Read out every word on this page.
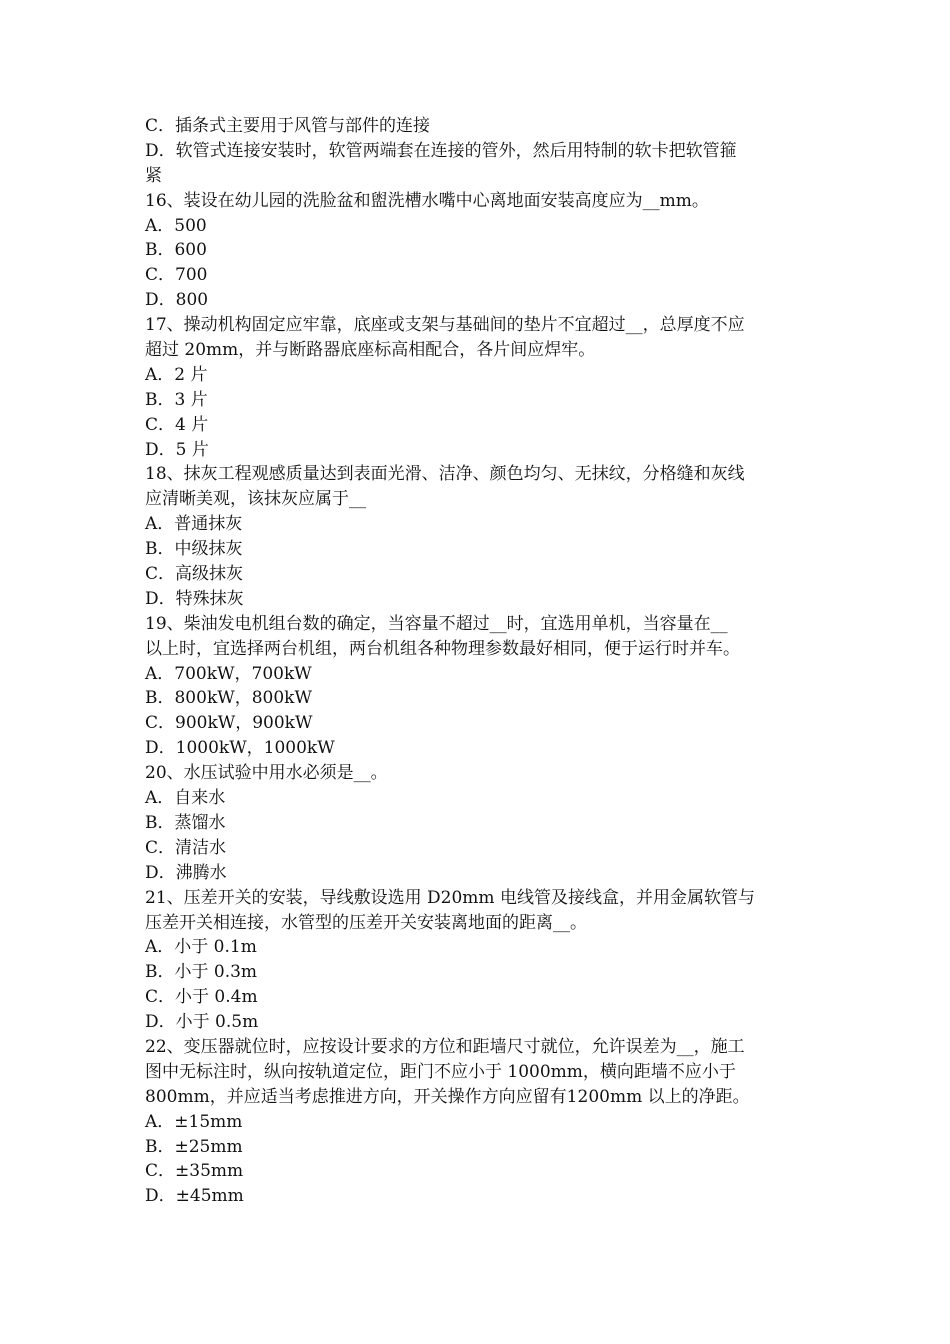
C．插条式主要用于风管与部件的连接
D．软管式连接安装时，软管两端套在连接的管外，然后用特制的软卡把软管箍
紧
16、装设在幼儿园的洗脸盆和盥洗槽水嘴中心离地面安装高度应为__mm。
A．500
B．600
C．700
D．800
17、操动机构固定应牢靠，底座或支架与基础间的垫片不宜超过__，总厚度不应
超过 20mm，并与断路器底座标高相配合，各片间应焊牢。
A．2 片
B．3 片
C．4 片
D．5 片
18、抹灰工程观感质量达到表面光滑、洁净、颜色均匀、无抹纹，分格缝和灰线
应清晰美观，该抹灰应属于__
A．普通抹灰
B．中级抹灰
C．高级抹灰
D．特殊抹灰
19、柴油发电机组台数的确定，当容量不超过__时，宜选用单机，当容量在__
以上时，宜选择两台机组，两台机组各种物理参数最好相同，便于运行时并车。
A．700kW，700kW
B．800kW，800kW
C．900kW，900kW
D．1000kW，1000kW
20、水压试验中用水必须是__。
A．自来水
B．蒸馏水
C．清洁水
D．沸腾水
21、压差开关的安装，导线敷设选用 D20mm 电线管及接线盒，并用金属软管与
压差开关相连接，水管型的压差开关安装离地面的距离__。
A．小于 0.1m
B．小于 0.3m
C．小于 0.4m
D．小于 0.5m
22、变压器就位时，应按设计要求的方位和距墙尺寸就位，允许误差为__，施工
图中无标注时，纵向按轨道定位，距门不应小于 1000mm，横向距墙不应小于
800mm，并应适当考虑推进方向，开关操作方向应留有1200mm 以上的净距。
A．±15mm
B．±25mm
C．±35mm
D．±45mm
